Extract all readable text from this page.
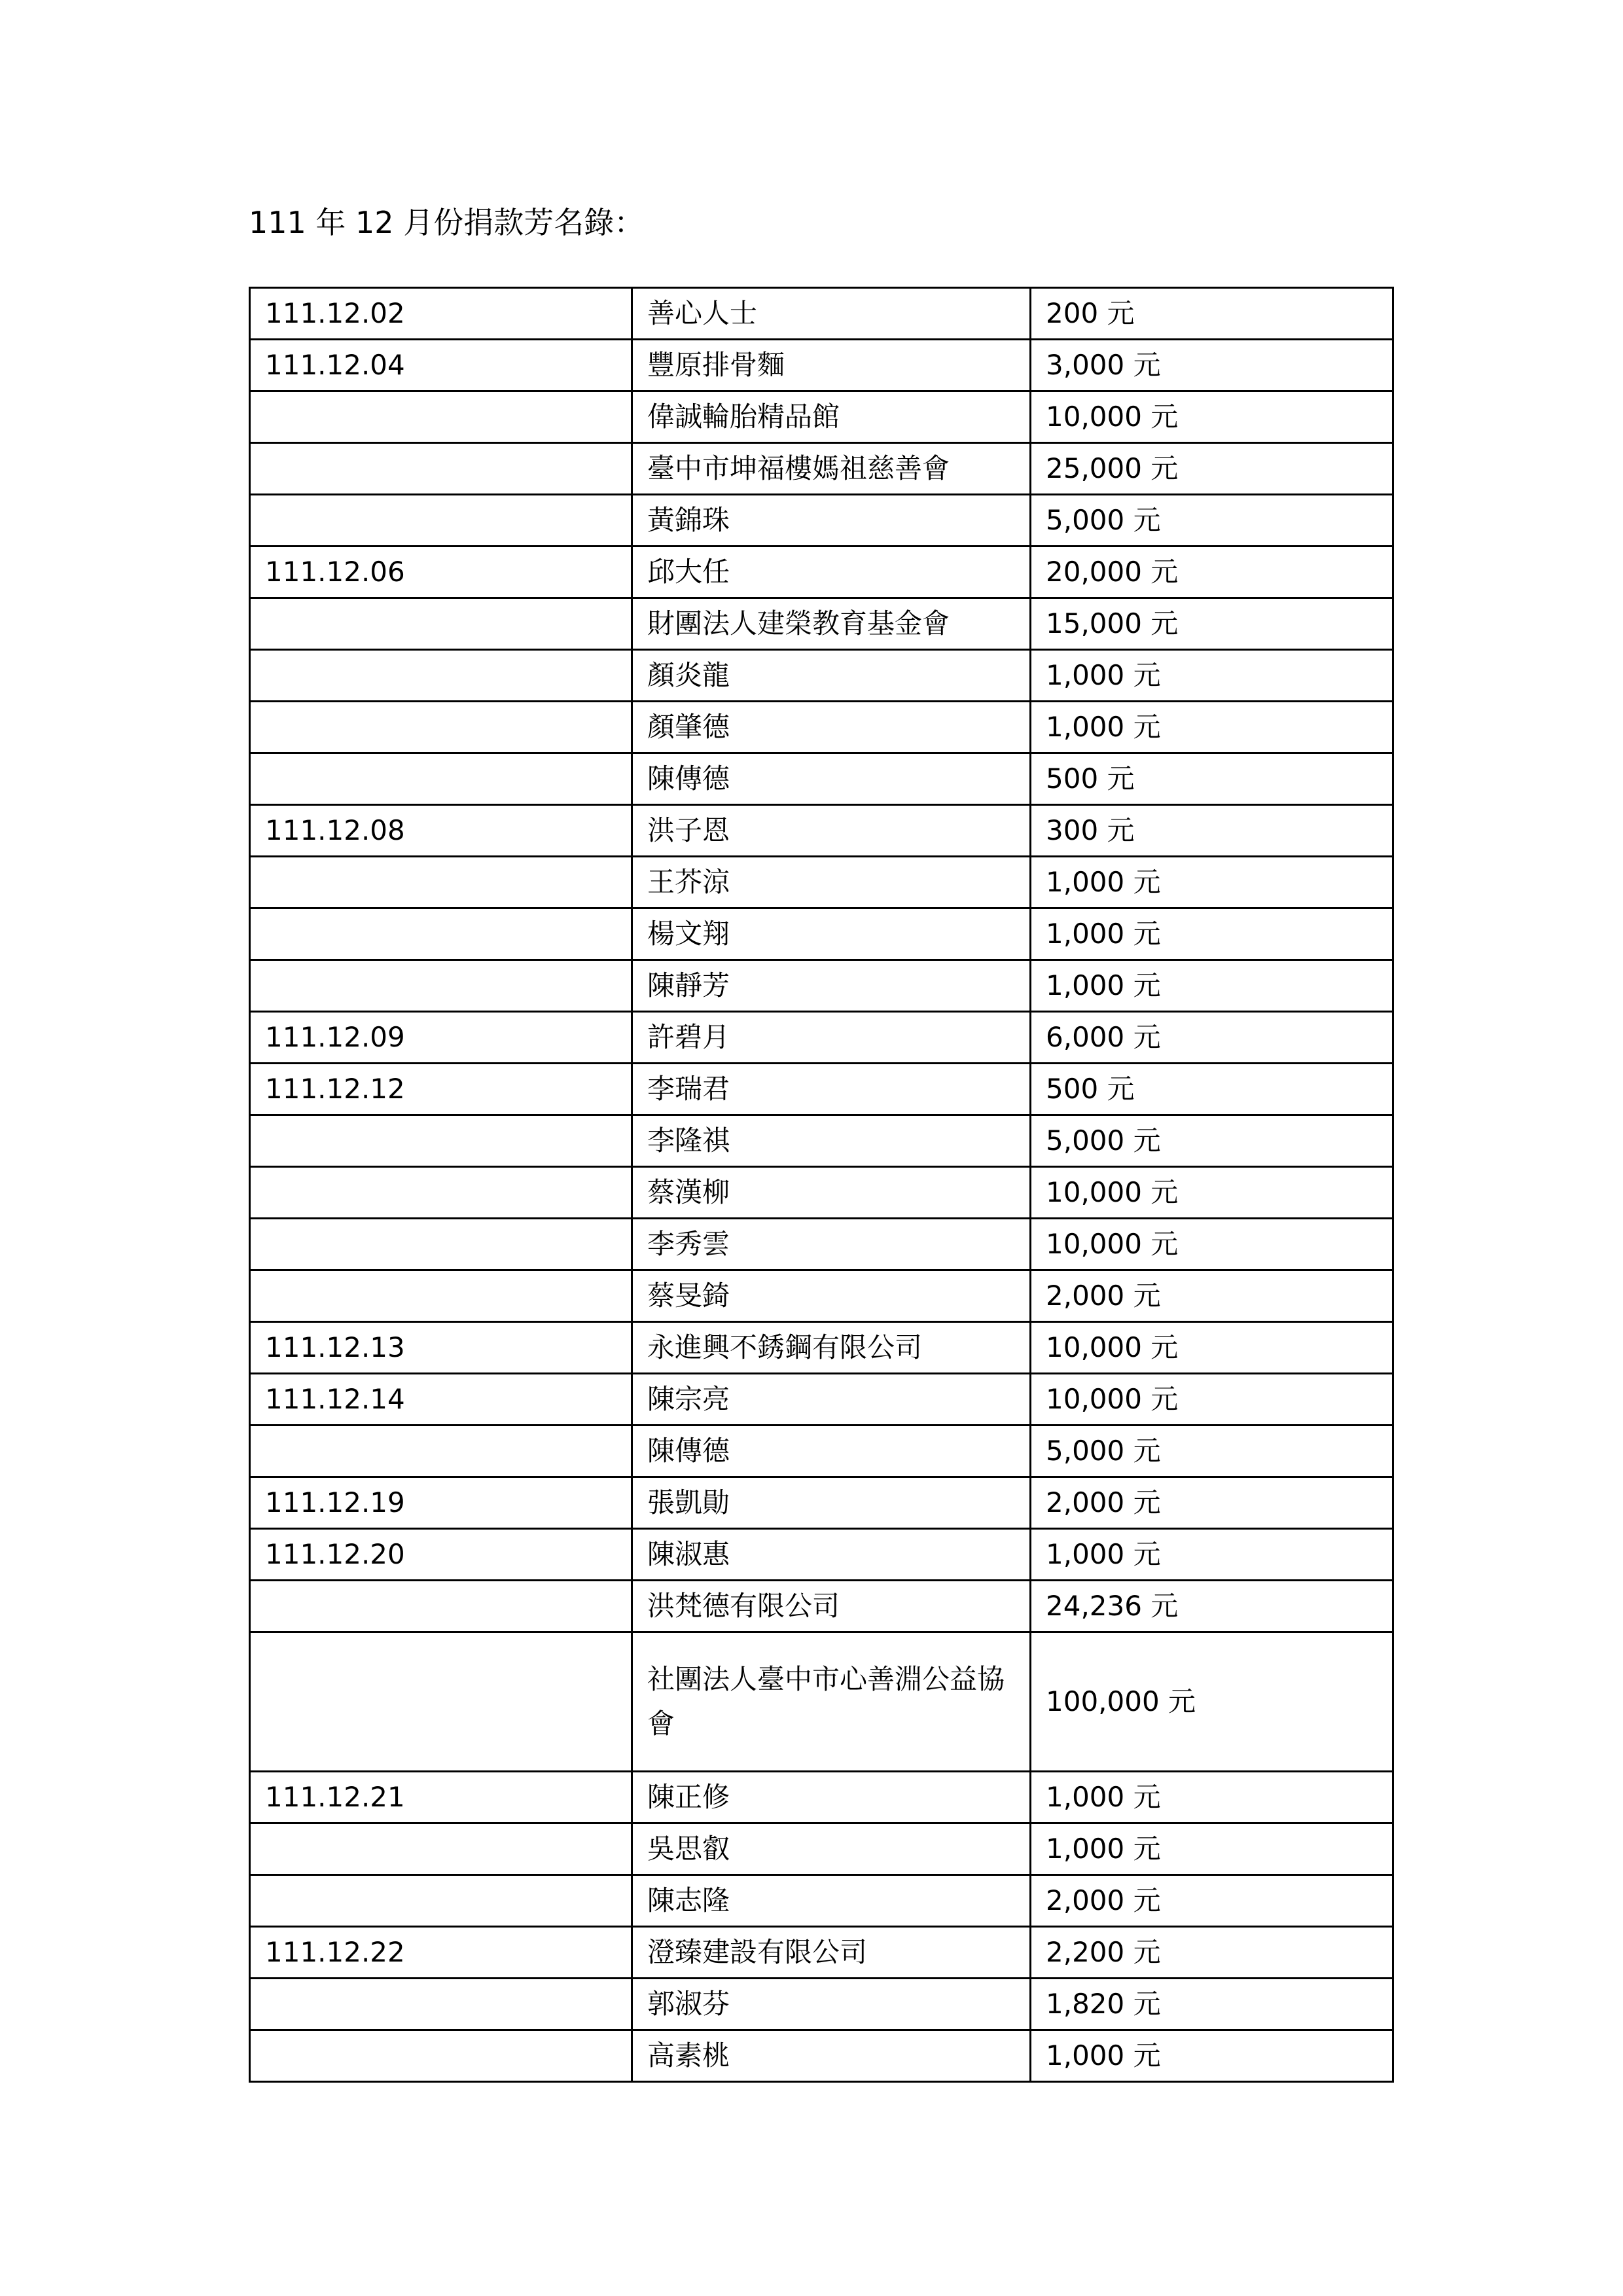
111 年 12 月份捐款芳名錄：
111.12.02	善心人士	200 元
111.12.04	豐原排骨麵	3,000 元
	偉誠輪胎精品館	10,000 元
	臺中市坤福樓媽祖慈善會	25,000 元
	黃錦珠	5,000 元
111.12.06	邱大任	20,000 元
	財團法人建榮教育基金會	15,000 元
	顏炎龍	1,000 元
	顏肇德	1,000 元
	陳傳德	500 元
111.12.08	洪子恩	300 元
	王芥涼	1,000 元
	楊文翔	1,000 元
	陳靜芳	1,000 元
111.12.09	許碧月	6,000 元
111.12.12	李瑞君	500 元
	李隆祺	5,000 元
	蔡漢柳	10,000 元
	李秀雲	10,000 元
	蔡旻錡	2,000 元
111.12.13	永進興不銹鋼有限公司	10,000 元
111.12.14	陳宗亮	10,000 元
	陳傳德	5,000 元
111.12.19	張凱勛	2,000 元
111.12.20	陳淑惠	1,000 元
	洪梵德有限公司	24,236 元
	社團法人臺中市心善淵公益協會	100,000 元
111.12.21	陳正修	1,000 元
	吳思叡	1,000 元
	陳志隆	2,000 元
111.12.22	澄臻建設有限公司	2,200 元
	郭淑芬	1,820 元
	高素桃	1,000 元
